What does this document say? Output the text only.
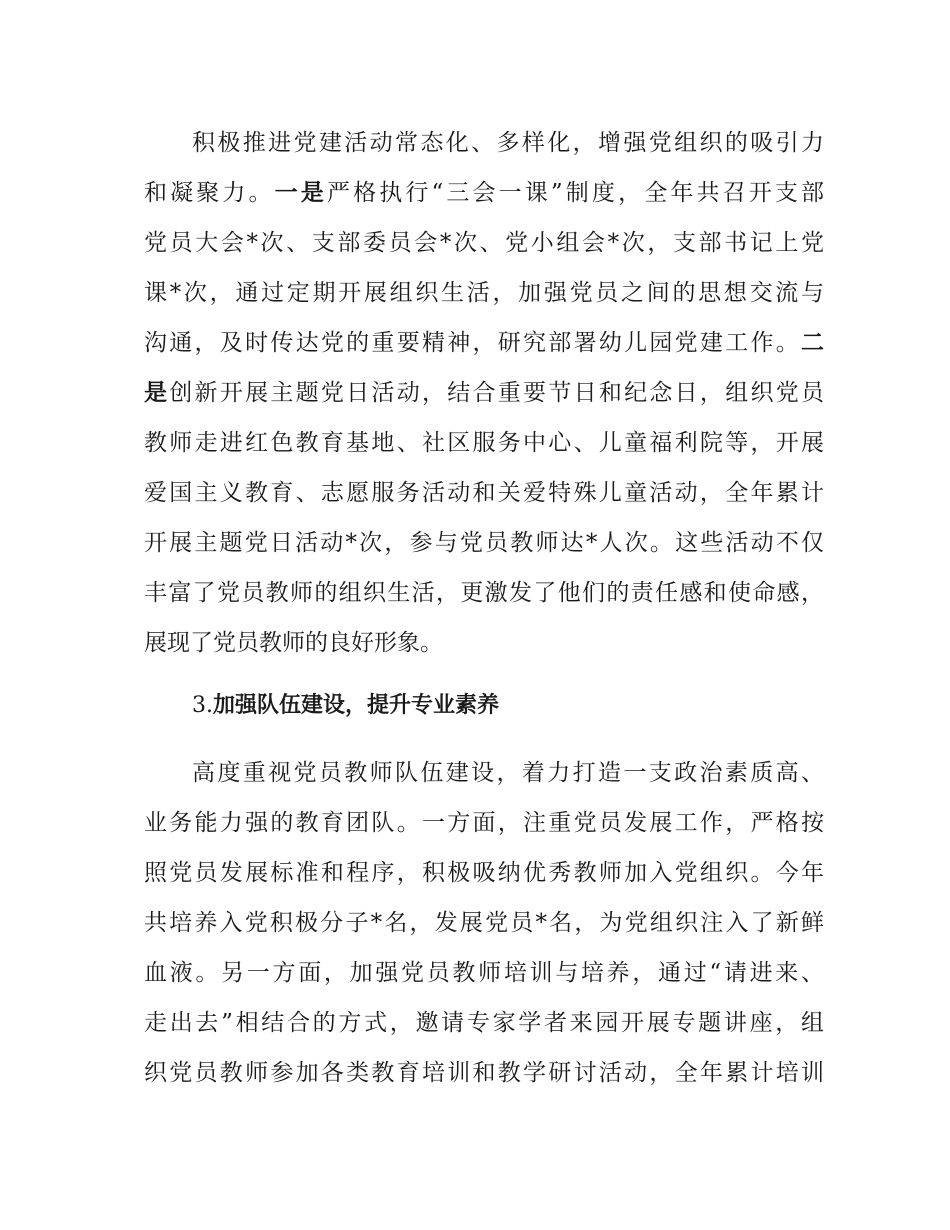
积极推进党建活动常态化、多样化，增强党组织的吸引力
和凝聚力。一是严格执行“三会一课”制度，全年共召开支部
党员大会*次、支部委员会*次、党小组会*次，支部书记上党
课*次，通过定期开展组织生活，加强党员之间的思想交流与
沟通，及时传达党的重要精神，研究部署幼儿园党建工作。二
是创新开展主题党日活动，结合重要节日和纪念日，组织党员
教师走进红色教育基地、社区服务中心、儿童福利院等，开展
爱国主义教育、志愿服务活动和关爱特殊儿童活动，全年累计
开展主题党日活动*次，参与党员教师达*人次。这些活动不仅
丰富了党员教师的组织生活，更激发了他们的责任感和使命感，
展现了党员教师的良好形象。
3.加强队伍建设，提升专业素养
高度重视党员教师队伍建设，着力打造一支政治素质高、
业务能力强的教育团队。一方面，注重党员发展工作，严格按
照党员发展标准和程序，积极吸纳优秀教师加入党组织。今年
共培养入党积极分子*名，发展党员*名，为党组织注入了新鲜
血液。另一方面，加强党员教师培训与培养，通过“请进来、
走出去”相结合的方式，邀请专家学者来园开展专题讲座，组
织党员教师参加各类教育培训和教学研讨活动，全年累计培训
